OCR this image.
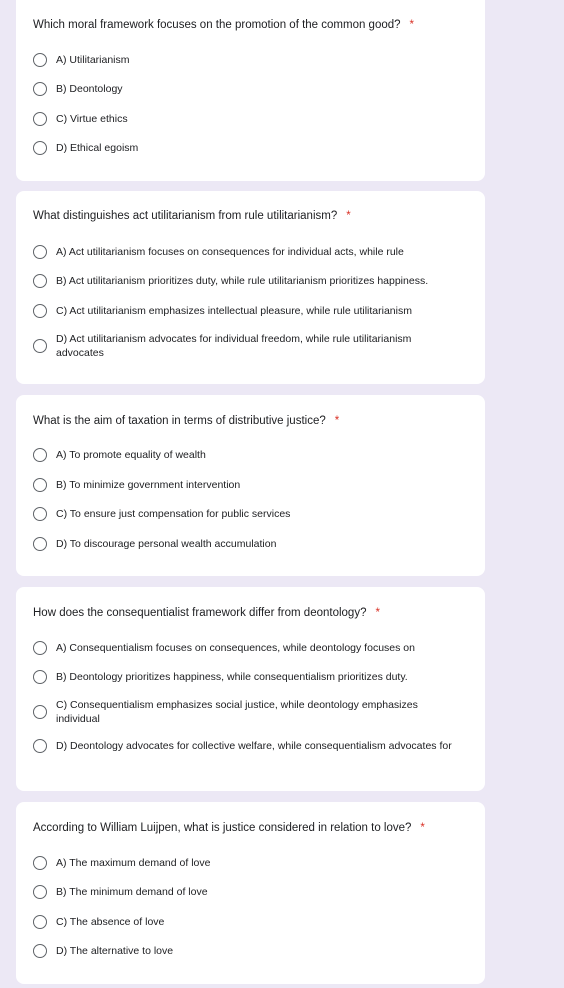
Which moral framework focuses on the promotion of the common good? *
A) Utilitarianism
B) Deontology
C) Virtue ethics
D) Ethical egoism
What distinguishes act utilitarianism from rule utilitarianism? *
A) Act utilitarianism focuses on consequences for individual acts, while rule
B) Act utilitarianism prioritizes duty, while rule utilitarianism prioritizes happiness.
C) Act utilitarianism emphasizes intellectual pleasure, while rule utilitarianism
D) Act utilitarianism advocates for individual freedom, while rule utilitarianism advocates
What is the aim of taxation in terms of distributive justice? *
A) To promote equality of wealth
B) To minimize government intervention
C) To ensure just compensation for public services
D) To discourage personal wealth accumulation
How does the consequentialist framework differ from deontology? *
A) Consequentialism focuses on consequences, while deontology focuses on
B) Deontology prioritizes happiness, while consequentialism prioritizes duty.
C) Consequentialism emphasizes social justice, while deontology emphasizes individual
D) Deontology advocates for collective welfare, while consequentialism advocates for
According to William Luijpen, what is justice considered in relation to love? *
A) The maximum demand of love
B) The minimum demand of love
C) The absence of love
D) The alternative to love
